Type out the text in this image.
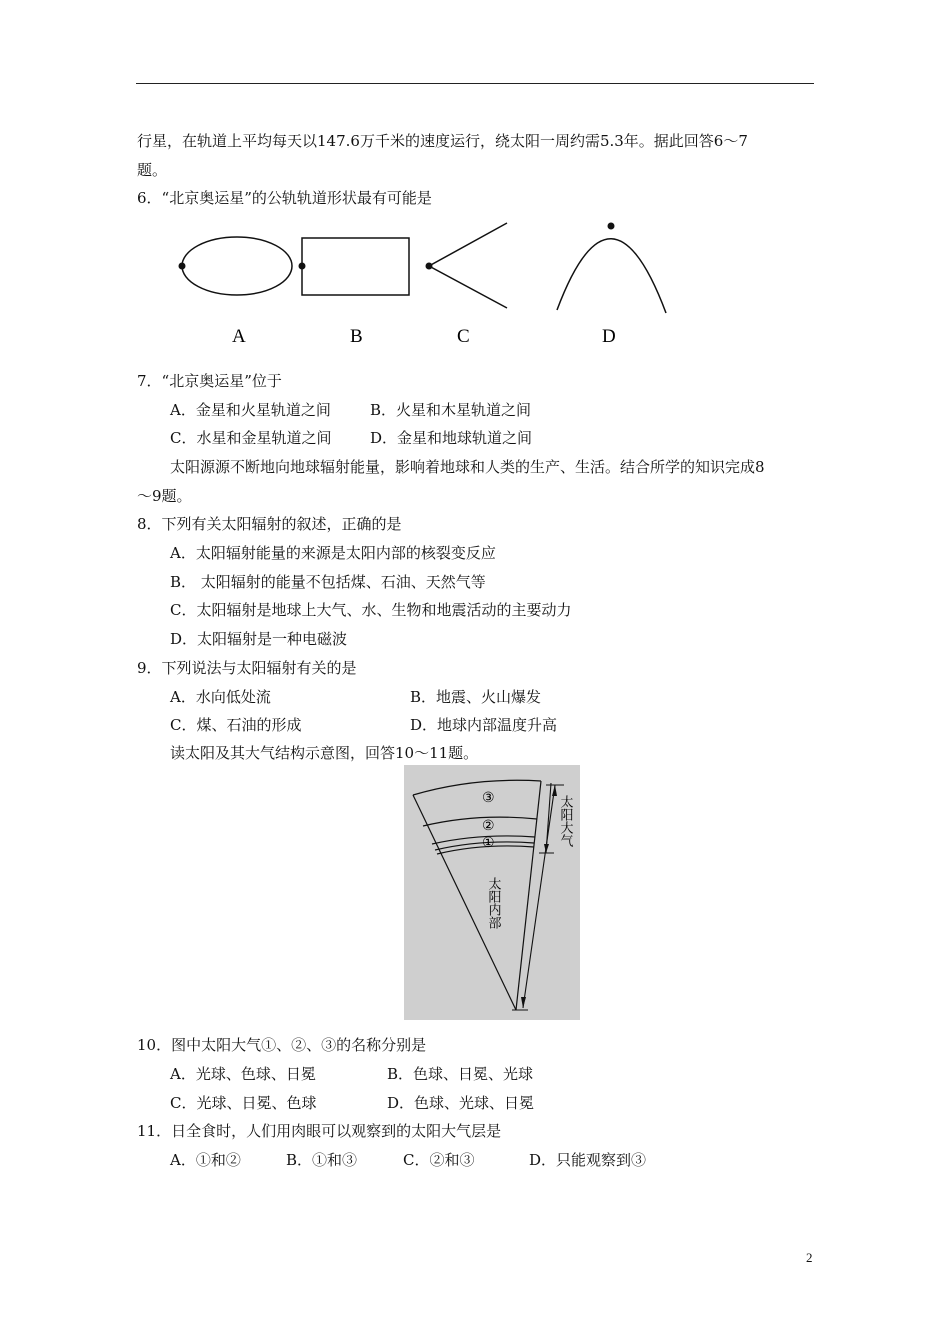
行星，在轨道上平均每天以147.6万千米的速度运行，绕太阳一周约需5.3年。据此回答6～7
题。
6．“北京奥运星”的公轨轨道形状最有可能是
A	B	C	D
7．“北京奥运星”位于
A．金星和火星轨道之间	B．火星和木星轨道之间
C．水星和金星轨道之间	D．金星和地球轨道之间
太阳源源不断地向地球辐射能量，影响着地球和人类的生产、生活。结合所学的知识完成8
～9题。
8．下列有关太阳辐射的叙述，正确的是
A．太阳辐射能量的来源是太阳内部的核裂变反应
B． 太阳辐射的能量不包括煤、石油、天然气等
C．太阳辐射是地球上大气、水、生物和地震活动的主要动力
D．太阳辐射是一种电磁波
9．下列说法与太阳辐射有关的是
A．水向低处流	B．地震、火山爆发
C．煤、石油的形成	D．地球内部温度升高
读太阳及其大气结构示意图，回答10～11题。
③
②
①	太阳大气
太阳内部
10．图中太阳大气①、②、③的名称分别是
A．光球、色球、日冕	B．色球、日冕、光球
C．光球、日冕、色球	D．色球、光球、日冕
11．日全食时，人们用肉眼可以观察到的太阳大气层是
A．①和②	B．①和③	C．②和③	D．只能观察到③
2
